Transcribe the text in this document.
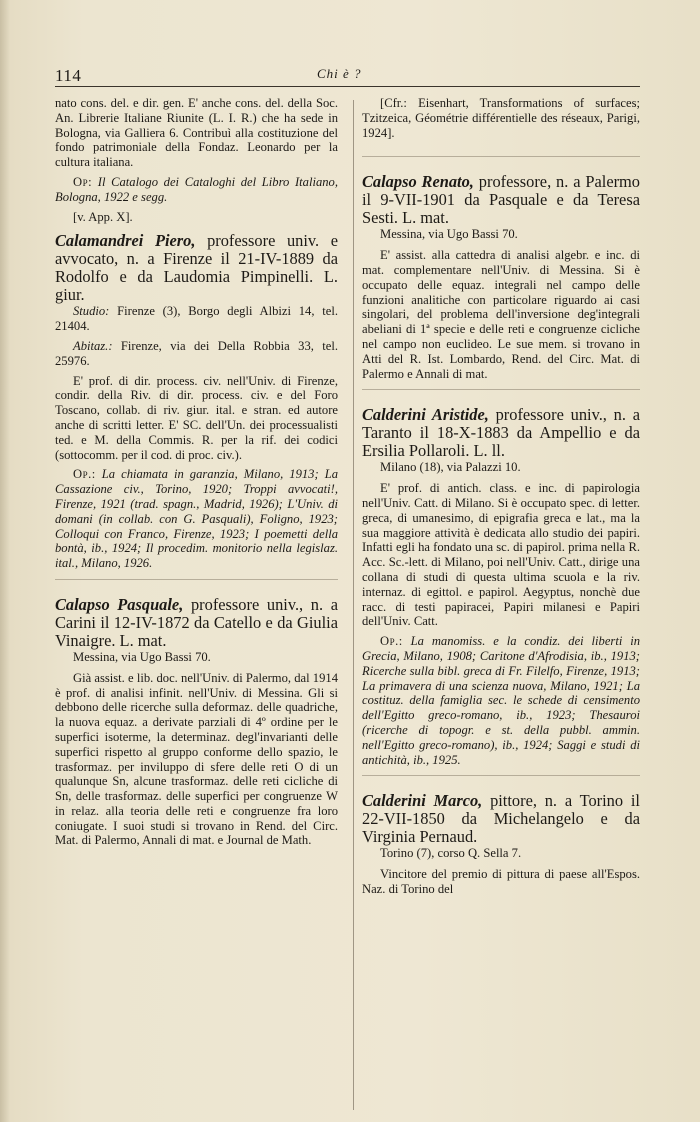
114	Chi è ?

nato cons. del. e dir. gen. E' anche cons. del. della Soc. An. Librerie Italiane Riunite (L. I. R.) che ha sede in Bologna, via Galliera 6. Contribuì alla costituzione del fondo patrimoniale della Fondaz. Leonardo per la cultura italiana.

Op: Il Catalogo dei Cataloghi del Libro Italiano, Bologna, 1922 e segg.

[v. App. X].

Calamandrei Piero, professore univ. e avvocato, n. a Firenze il 21-IV-1889 da Rodolfo e da Laudomia Pimpinelli. L. giur.

Studio: Firenze (3), Borgo degli Albizi 14, tel. 21404.

Abitaz.: Firenze, via dei Della Robbia 33, tel. 25976.

E' prof. di dir. process. civ. nell'Univ. di Firenze, condir. della Riv. di dir. process. civ. e del Foro Toscano, collab. di riv. giur. ital. e stran. ed autore anche di scritti letter. E' SC. dell'Un. dei processualisti ted. e M. della Commis. R. per la rif. dei codici (sottocomm. per il cod. di proc. civ.).

Op.: La chiamata in garanzia, Milano, 1913; La Cassazione civ., Torino, 1920; Troppi avvocati!, Firenze, 1921 (trad. spagn., Madrid, 1926); L'Univ. di domani (in collab. con G. Pasquali), Foligno, 1923; Colloqui con Franco, Firenze, 1923; I poemetti della bontà, ib., 1924; Il procedim. monitorio nella legislaz. ital., Milano, 1926.

Calapso Pasquale, professore univ., n. a Carini il 12-IV-1872 da Catello e da Giulia Vinaigre. L. mat.

Messina, via Ugo Bassi 70.

Già assist. e lib. doc. nell'Univ. di Palermo, dal 1914 è prof. di analisi infinit. nell'Univ. di Messina. Gli si debbono delle ricerche sulla deformaz. delle quadriche, la nuova equaz. a derivate parziali di 4º ordine per le superfici isoterme, la determinaz. degl'invarianti delle superfici rispetto al gruppo conforme dello spazio, le trasformaz. per inviluppo di sfere delle reti O di un qualunque Sn, alcune trasformaz. delle reti cicliche di Sn, delle trasformaz. delle superfici per congruenze W in relaz. alla teoria delle reti e congruenze fra loro coniugate. I suoi studi si trovano in Rend. del Circ. Mat. di Palermo, Annali di mat. e Journal de Math.

[Cfr.: Eisenhart, Transformations of surfaces; Tzitzeica, Géométrie différentielle des réseaux, Parigi, 1924].

Calapso Renato, professore, n. a Palermo il 9-VII-1901 da Pasquale e da Teresa Sesti. L. mat.

Messina, via Ugo Bassi 70.

E' assist. alla cattedra di analisi algebr. e inc. di mat. complementare nell'Univ. di Messina. Si è occupato delle equaz. integrali nel campo delle funzioni analitiche con particolare riguardo ai casi singolari, del problema dell'inversione deg'integrali abeliani di 1ª specie e delle reti e congruenze cicliche nel campo non euclideo. Le sue mem. si trovano in Atti del R. Ist. Lombardo, Rend. del Circ. Mat. di Palermo e Annali di mat.

Calderini Aristide, professore univ., n. a Taranto il 18-X-1883 da Ampellio e da Ersilia Pollaroli. L. ll.

Milano (18), via Palazzi 10.

E' prof. di antich. class. e inc. di papirologia nell'Univ. Catt. di Milano. Si è occupato spec. di letter. greca, di umanesimo, di epigrafia greca e lat., ma la sua maggiore attività è dedicata allo studio dei papiri. Infatti egli ha fondato una sc. di papirol. prima nella R. Acc. Sc.-lett. di Milano, poi nell'Univ. Catt., dirige una collana di studi di questa ultima scuola e la riv. internaz. di egittol. e papirol. Aegyptus, nonchè due racc. di testi papiracei, Papiri milanesi e Papiri dell'Univ. Catt.

Op.: La manomiss. e la condiz. dei liberti in Grecia, Milano, 1908; Caritone d'Afrodisia, ib., 1913; Ricerche sulla bibl. greca di Fr. Filelfo, Firenze, 1913; La primavera di una scienza nuova, Milano, 1921; La costituz. della famiglia sec. le schede di censimento dell'Egitto greco-romano, ib., 1923; Thesauroi (ricerche di topogr. e st. della pubbl. ammin. nell'Egitto greco-romano), ib., 1924; Saggi e studi di antichità, ib., 1925.

Calderini Marco, pittore, n. a Torino il 22-VII-1850 da Michelangelo e da Virginia Pernaud.

Torino (7), corso Q. Sella 7.

Vincitore del premio di pittura di paese all'Espos. Naz. di Torino del
